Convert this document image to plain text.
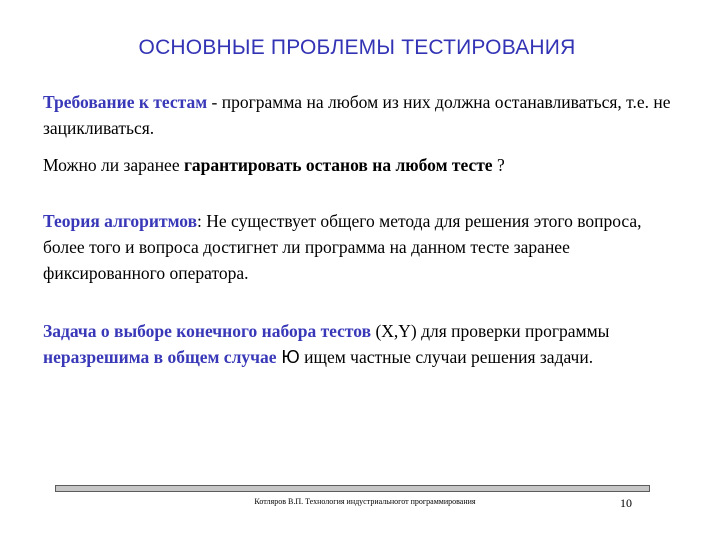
ОСНОВНЫЕ ПРОБЛЕМЫ ТЕСТИРОВАНИЯ
Требование к тестам - программа на любом из них должна останавливаться, т.е. не зацикливаться.
Можно ли заранее гарантировать останов на любом тесте ?
Теория алгоритмов: Не существует общего метода для решения этого вопроса, более того и вопроса достигнет ли программа на данном тесте заранее фиксированного оператора.
Задача о выборе конечного набора тестов (X,Y) для проверки программы неразрешима в общем случае Ю ищем частные случаи решения задачи.
Котляров В.П. Технология индустриальногот программирования	10
